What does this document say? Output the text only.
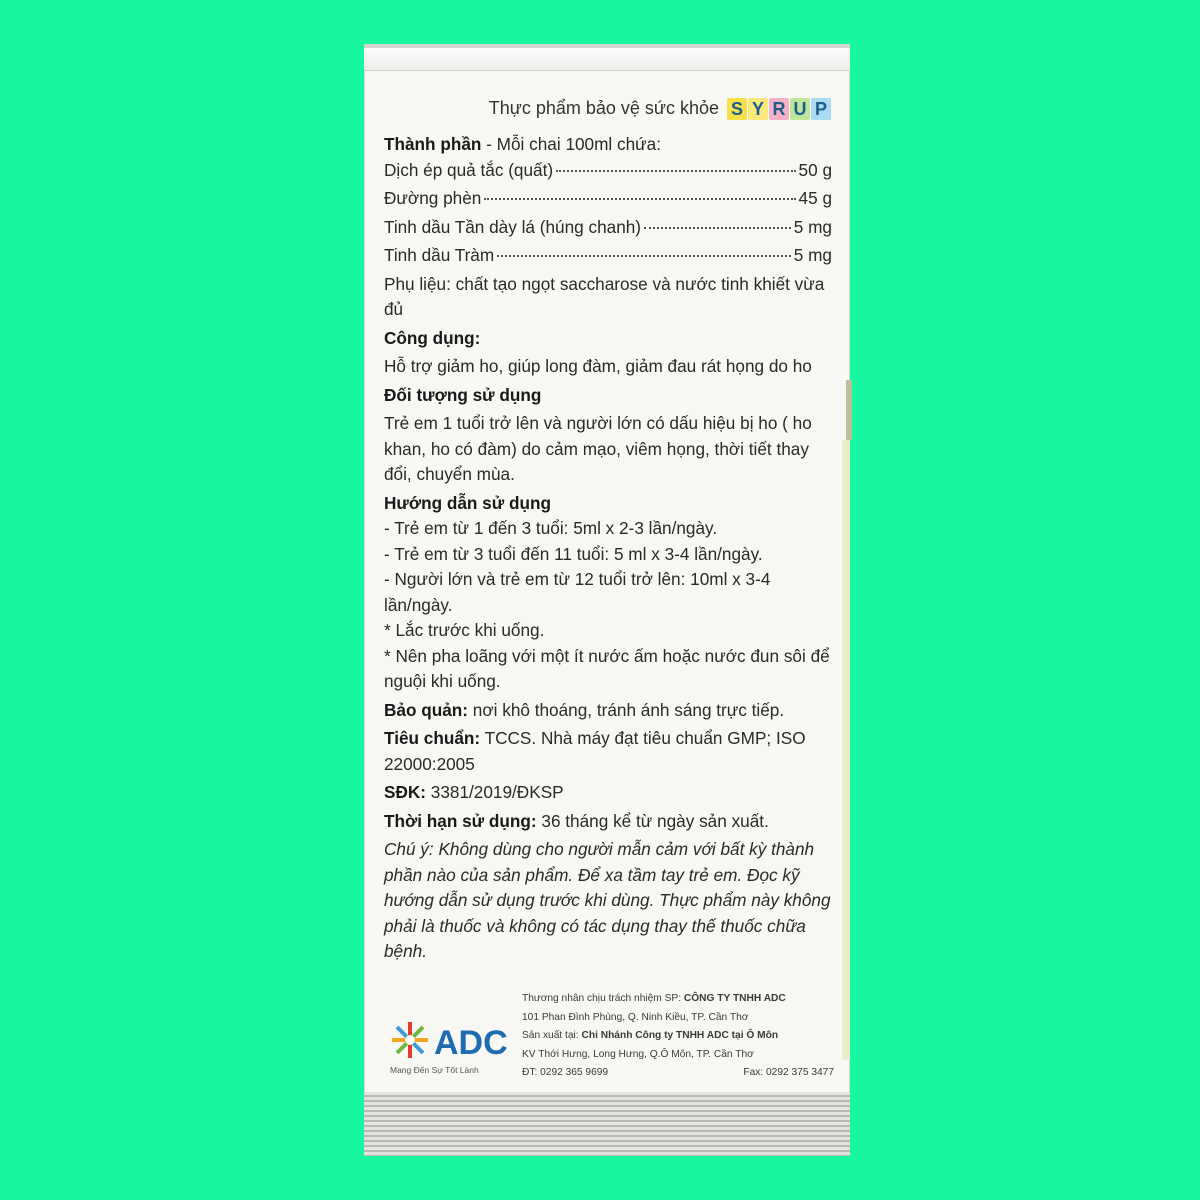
Thực phẩm bảo vệ sức khỏe S Y R U P

Thành phần - Mỗi chai 100ml chứa:

Dịch ép quả tắc (quất)	50 g
Đường phèn	45 g
Tinh dầu Tần dày lá (húng chanh)	5 mg
Tinh dầu Tràm	5 mg

Phụ liệu: chất tạo ngọt saccharose và nước tinh khiết vừa đủ

Công dụng:

Hỗ trợ giảm ho, giúp long đàm, giảm đau rát họng do ho

Đối tượng sử dụng

Trẻ em 1 tuổi trở lên và người lớn có dấu hiệu bị ho ( ho khan, ho có đàm) do cảm mạo, viêm họng, thời tiết thay đổi, chuyển mùa.

Hướng dẫn sử dụng

- Trẻ em từ 1 đến 3 tuổi: 5ml x 2-3 lần/ngày.

- Trẻ em từ 3 tuổi đến 11 tuổi: 5 ml x 3-4 lần/ngày.

- Người lớn và trẻ em từ 12 tuổi trở lên: 10ml x 3-4 lần/ngày.

* Lắc trước khi uống.

* Nên pha loãng với một ít nước ấm hoặc nước đun sôi để nguội khi uống.

Bảo quản: nơi khô thoáng, tránh ánh sáng trực tiếp.

Tiêu chuẩn: TCCS. Nhà máy đạt tiêu chuẩn GMP; ISO 22000:2005

SĐK: 3381/2019/ĐKSP

Thời hạn sử dụng: 36 tháng kể từ ngày sản xuất.

Chú ý: Không dùng cho người mẫn cảm với bất kỳ thành phần nào của sản phẩm. Để xa tầm tay trẻ em. Đọc kỹ hướng dẫn sử dụng trước khi dùng. Thực phẩm này không phải là thuốc và không có tác dụng thay thế thuốc chữa bệnh.

ADC
Mang Đến Sự Tốt Lành
Thương nhân chịu trách nhiệm SP: CÔNG TY TNHH ADC
101 Phan Đình Phùng, Q. Ninh Kiều, TP. Cần Thơ
Sản xuất tại: Chi Nhánh Công ty TNHH ADC tại Ô Môn
KV Thới Hưng, Long Hưng, Q.Ô Môn, TP. Cần Thơ
ĐT: 0292 365 9699	Fax: 0292 375 3477
